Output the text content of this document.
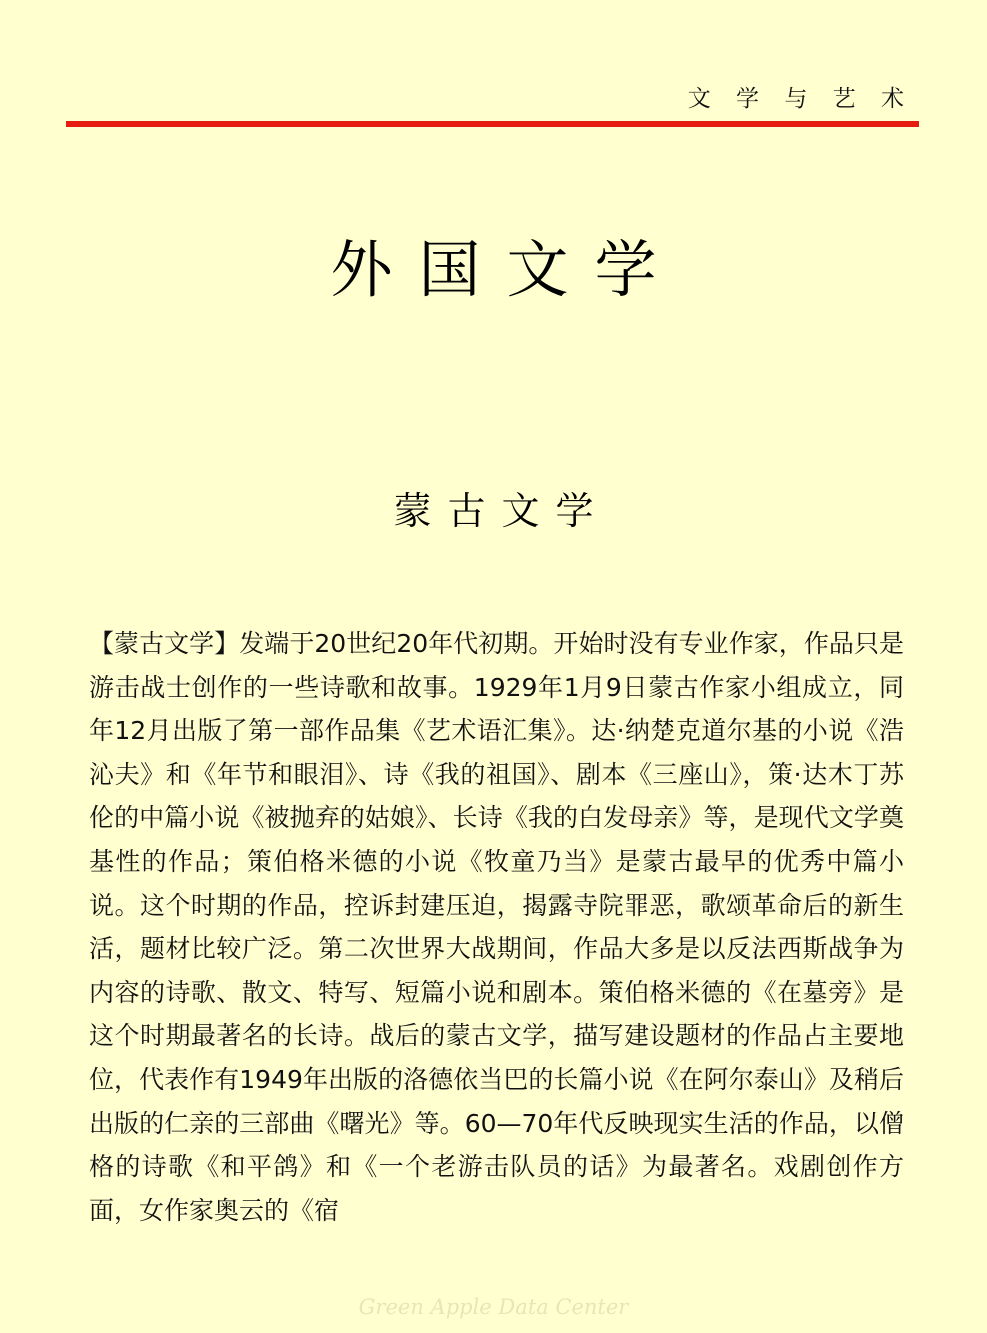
文 学 与 艺 术
外国文学
蒙古文学

【蒙古文学】发端于20世纪20年代初期。开始时没有专业作家，作品只是游击战士创作的一些诗歌和故事。1929年1月9日蒙古作家小组成立，同年12月出版了第一部作品集《艺术语汇集》。达·纳楚克道尔基的小说《浩沁夫》和《年节和眼泪》、诗《我的祖国》、剧本《三座山》，策·达木丁苏伦的中篇小说《被抛弃的姑娘》、长诗《我的白发母亲》等，是现代文学奠基性的作品；策伯格米德的小说《牧童乃当》是蒙古最早的优秀中篇小说。这个时期的作品，控诉封建压迫，揭露寺院罪恶，歌颂革命后的新生活，题材比较广泛。第二次世界大战期间，作品大多是以反法西斯战争为内容的诗歌、散文、特写、短篇小说和剧本。策伯格米德的《在墓旁》是这个时期最著名的长诗。战后的蒙古文学，描写建设题材的作品占主要地位，代表作有1949年出版的洛德依当巴的长篇小说《在阿尔泰山》及稍后出版的仁亲的三部曲《曙光》等。60—70年代反映现实生活的作品，以僧格的诗歌《和平鸽》和《一个老游击队员的话》为最著名。戏剧创作方面，女作家奥云的《宿

Green Apple Data Center
